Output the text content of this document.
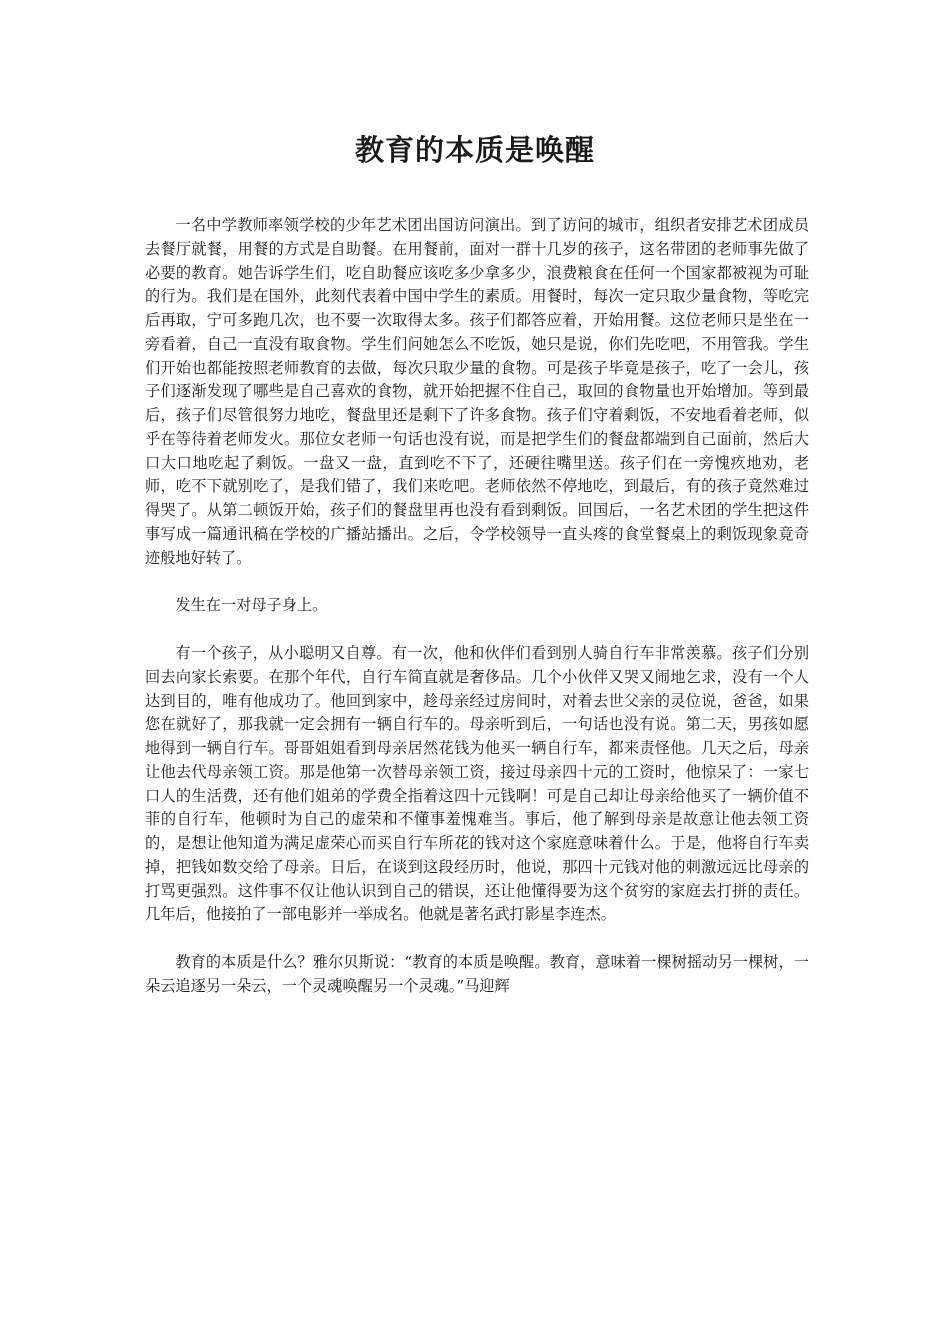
教育的本质是唤醒

一名中学教师率领学校的少年艺术团出国访问演出。到了访问的城市，组织者安排艺术团成员去餐厅就餐，用餐的方式是自助餐。在用餐前，面对一群十几岁的孩子，这名带团的老师事先做了必要的教育。她告诉学生们，吃自助餐应该吃多少拿多少，浪费粮食在任何一个国家都被视为可耻的行为。我们是在国外，此刻代表着中国中学生的素质。用餐时，每次一定只取少量食物，等吃完后再取，宁可多跑几次，也不要一次取得太多。孩子们都答应着，开始用餐。这位老师只是坐在一旁看着，自己一直没有取食物。学生们问她怎么不吃饭，她只是说，你们先吃吧，不用管我。学生们开始也都能按照老师教育的去做，每次只取少量的食物。可是孩子毕竟是孩子，吃了一会儿，孩子们逐渐发现了哪些是自己喜欢的食物，就开始把握不住自己，取回的食物量也开始增加。等到最后，孩子们尽管很努力地吃，餐盘里还是剩下了许多食物。孩子们守着剩饭，不安地看着老师，似乎在等待着老师发火。那位女老师一句话也没有说，而是把学生们的餐盘都端到自己面前，然后大口大口地吃起了剩饭。一盘又一盘，直到吃不下了，还硬往嘴里送。孩子们在一旁愧疚地劝，老师，吃不下就别吃了，是我们错了，我们来吃吧。老师依然不停地吃，到最后，有的孩子竟然难过得哭了。从第二顿饭开始，孩子们的餐盘里再也没有看到剩饭。回国后，一名艺术团的学生把这件事写成一篇通讯稿在学校的广播站播出。之后，令学校领导一直头疼的食堂餐桌上的剩饭现象竟奇迹般地好转了。

发生在一对母子身上。

有一个孩子，从小聪明又自尊。有一次，他和伙伴们看到别人骑自行车非常羡慕。孩子们分别回去向家长索要。在那个年代，自行车简直就是奢侈品。几个小伙伴又哭又闹地乞求，没有一个人达到目的，唯有他成功了。他回到家中，趁母亲经过房间时，对着去世父亲的灵位说，爸爸，如果您在就好了，那我就一定会拥有一辆自行车的。母亲听到后，一句话也没有说。第二天，男孩如愿地得到一辆自行车。哥哥姐姐看到母亲居然花钱为他买一辆自行车，都来责怪他。几天之后，母亲让他去代母亲领工资。那是他第一次替母亲领工资，接过母亲四十元的工资时，他惊呆了：一家七口人的生活费，还有他们姐弟的学费全指着这四十元钱啊！可是自己却让母亲给他买了一辆价值不菲的自行车，他顿时为自己的虚荣和不懂事羞愧难当。事后，他了解到母亲是故意让他去领工资的，是想让他知道为满足虚荣心而买自行车所花的钱对这个家庭意味着什么。于是，他将自行车卖掉，把钱如数交给了母亲。日后，在谈到这段经历时，他说，那四十元钱对他的刺激远远比母亲的打骂更强烈。这件事不仅让他认识到自己的错误，还让他懂得要为这个贫穷的家庭去打拼的责任。几年后，他接拍了一部电影并一举成名。他就是著名武打影星李连杰。

教育的本质是什么？雅尔贝斯说：“教育的本质是唤醒。教育，意味着一棵树摇动另一棵树，一朵云追逐另一朵云，一个灵魂唤醒另一个灵魂。”马迎辉
